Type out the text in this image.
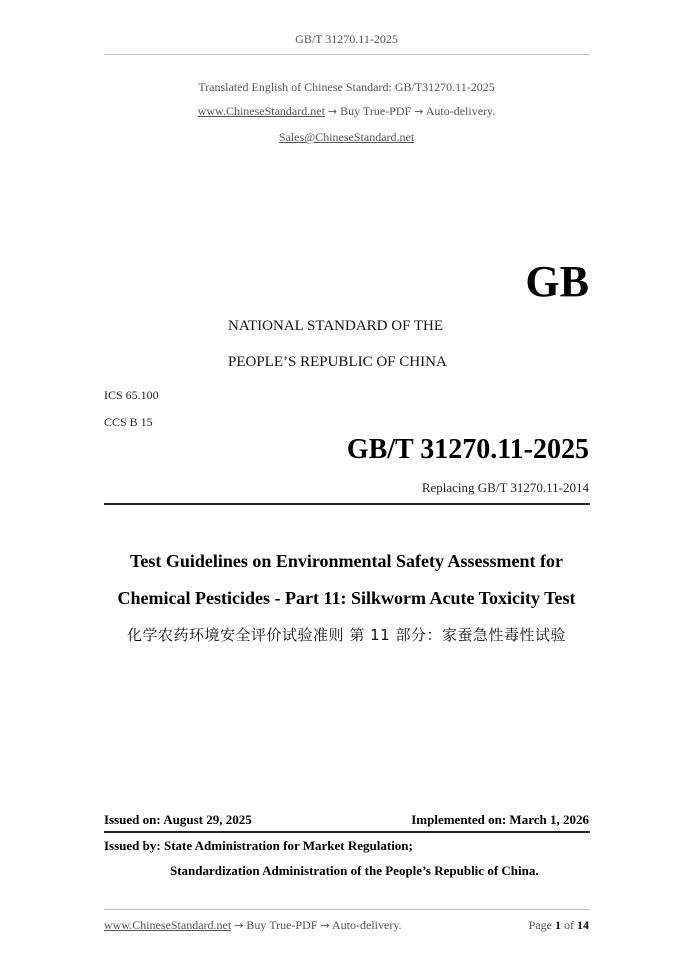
GB/T 31270.11-2025
Translated English of Chinese Standard: GB/T31270.11-2025
www.ChineseStandard.net → Buy True-PDF → Auto-delivery.
Sales@ChineseStandard.net
GB
NATIONAL STANDARD OF THE
PEOPLE’S REPUBLIC OF CHINA
ICS 65.100
CCS B 15
GB/T 31270.11-2025
Replacing GB/T 31270.11-2014
Test Guidelines on Environmental Safety Assessment for
Chemical Pesticides - Part 11: Silkworm Acute Toxicity Test
化学农药环境安全评价试验准则 第 11 部分：家蚕急性毒性试验
Issued on: August 29, 2025	Implemented on: March 1, 2026
Issued by: State Administration for Market Regulation;
Standardization Administration of the People’s Republic of China.
www.ChineseStandard.net → Buy True-PDF → Auto-delivery.	Page 1 of 14
